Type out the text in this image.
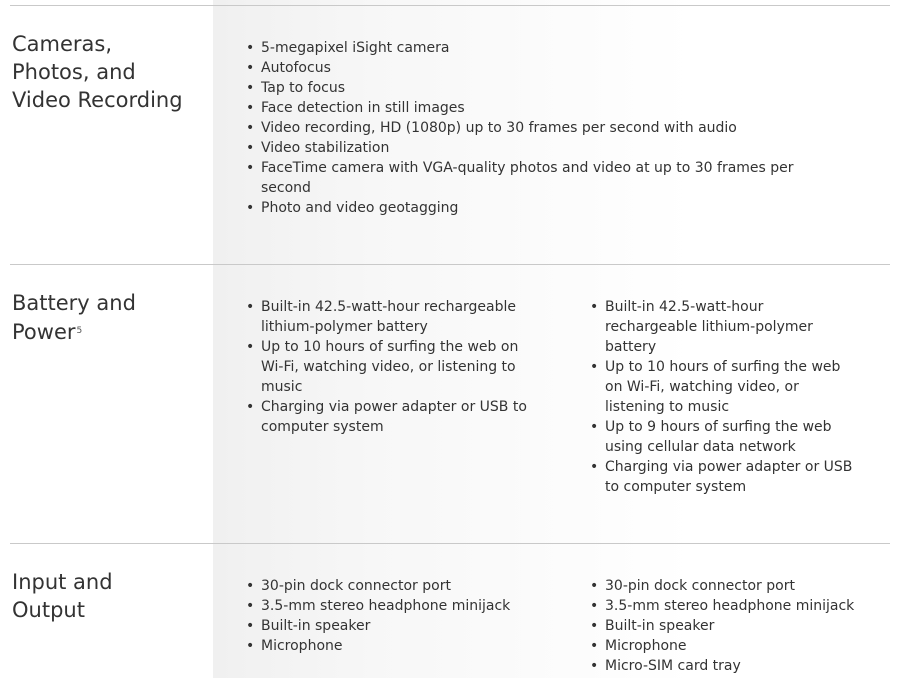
Cameras,
Photos, and
Video Recording
• 5-megapixel iSight camera
• Autofocus
• Tap to focus
• Face detection in still images
• Video recording, HD (1080p) up to 30 frames per second with audio
• Video stabilization
• FaceTime camera with VGA-quality photos and video at up to 30 frames per second
• Photo and video geotagging
Battery and
Power$^5$
• Built-in 42.5-watt-hour rechargeable lithium-polymer battery
• Up to 10 hours of surfing the web on Wi-Fi, watching video, or listening to music
• Charging via power adapter or USB to computer system
• Built-in 42.5-watt-hour rechargeable lithium-polymer battery
• Up to 10 hours of surfing the web on Wi-Fi, watching video, or listening to music
• Up to 9 hours of surfing the web using cellular data network
• Charging via power adapter or USB to computer system
Input and
Output
• 30-pin dock connector port
• 3.5-mm stereo headphone minijack
• Built-in speaker
• Microphone
• 30-pin dock connector port
• 3.5-mm stereo headphone minijack
• Built-in speaker
• Microphone
• Micro-SIM card tray
